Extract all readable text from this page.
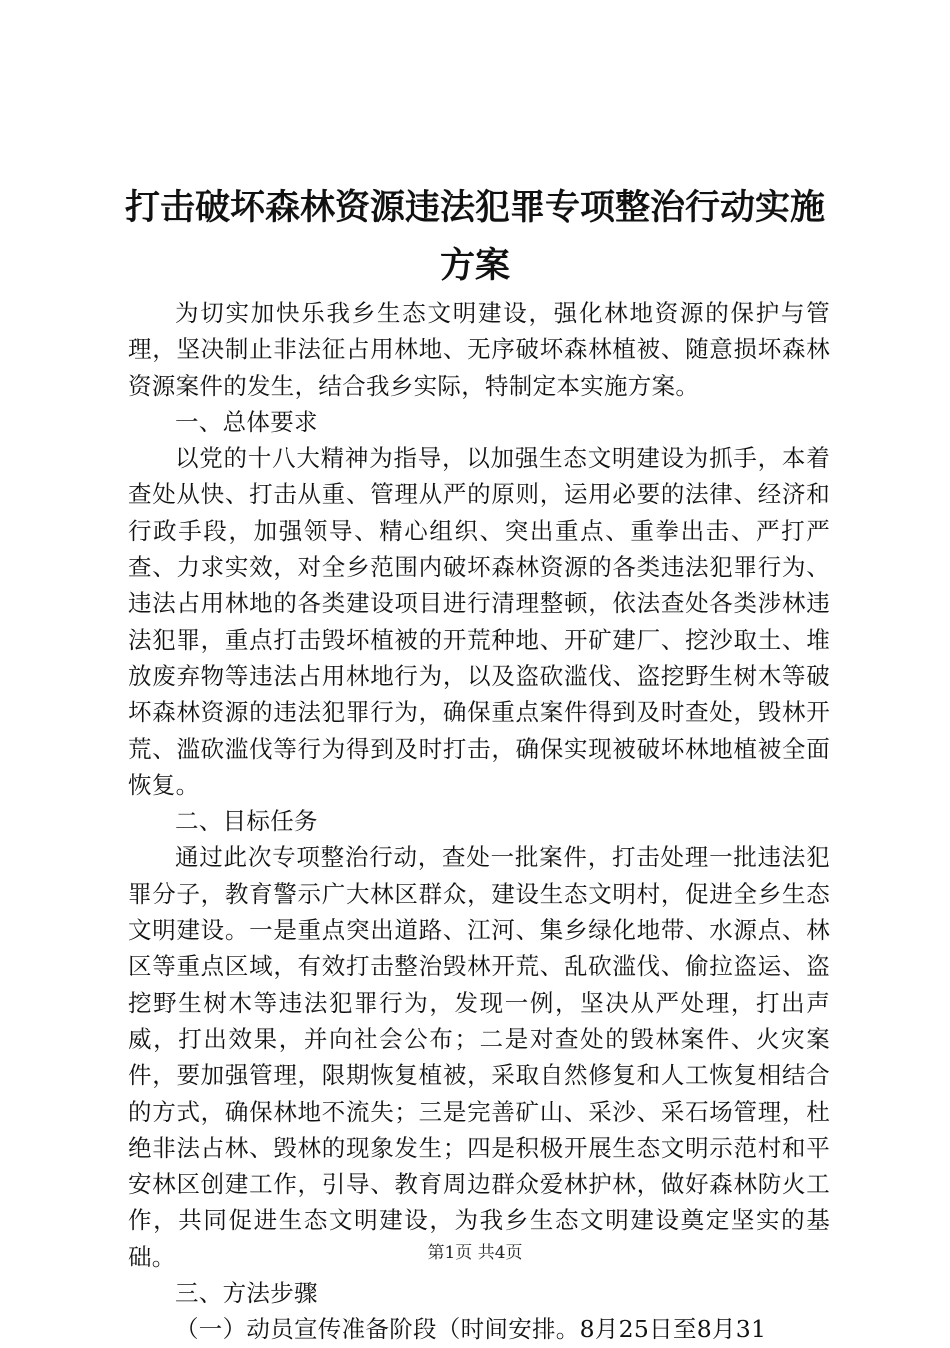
打击破坏森林资源违法犯罪专项整治行动实施
方案

为切实加快乐我乡生态文明建设，强化林地资源的保护与管理，坚决制止非法征占用林地、无序破坏森林植被、随意损坏森林资源案件的发生，结合我乡实际，特制定本实施方案。

一、总体要求

以党的十八大精神为指导，以加强生态文明建设为抓手，本着查处从快、打击从重、管理从严的原则，运用必要的法律、经济和行政手段，加强领导、精心组织、突出重点、重拳出击、严打严查、力求实效，对全乡范围内破坏森林资源的各类违法犯罪行为、违法占用林地的各类建设项目进行清理整顿，依法查处各类涉林违法犯罪，重点打击毁坏植被的开荒种地、开矿建厂、挖沙取土、堆放废弃物等违法占用林地行为，以及盗砍滥伐、盗挖野生树木等破坏森林资源的违法犯罪行为，确保重点案件得到及时查处，毁林开荒、滥砍滥伐等行为得到及时打击，确保实现被破坏林地植被全面恢复。

二、目标任务

通过此次专项整治行动，查处一批案件，打击处理一批违法犯罪分子，教育警示广大林区群众，建设生态文明村，促进全乡生态文明建设。一是重点突出道路、江河、集乡绿化地带、水源点、林区等重点区域，有效打击整治毁林开荒、乱砍滥伐、偷拉盗运、盗挖野生树木等违法犯罪行为，发现一例，坚决从严处理，打出声威，打出效果，并向社会公布；二是对查处的毁林案件、火灾案件，要加强管理，限期恢复植被，采取自然修复和人工恢复相结合的方式，确保林地不流失；三是完善矿山、采沙、采石场管理，杜绝非法占林、毁林的现象发生；四是积极开展生态文明示范村和平安林区创建工作，引导、教育周边群众爱林护林，做好森林防火工作，共同促进生态文明建设，为我乡生态文明建设奠定坚实的基础。

三、方法步骤

（一）动员宣传准备阶段（时间安排。8月25日至8月31

第1页 共4页
